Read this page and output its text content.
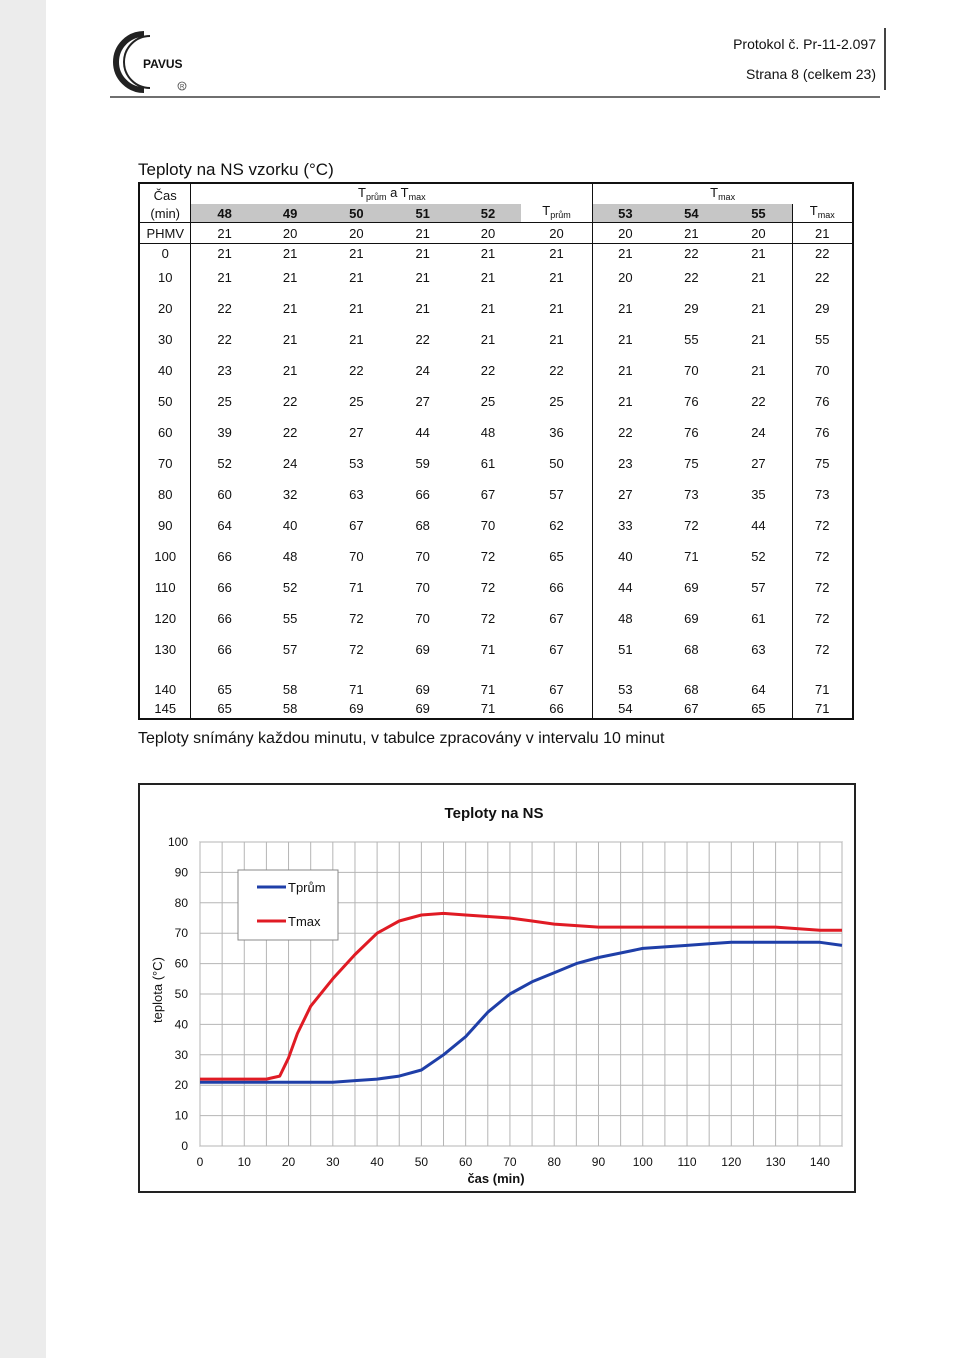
PAVUS
R
Protokol č. Pr-11-2.097
Strana 8 (celkem 23)
Teploty na NS vzorku (°C)
Čas	$T_{prům}$ a $T_{max}$						$T_{max}$
(min)	48	49	50	51	52	$T_{prům}$	53	54	55	$T_{max}$
PHMV	21	20	20	21	20	20	20	21	20	21
0	21	21	21	21	21	21	21	22	21	22
10	21	21	21	21	21	21	20	22	21	22
20	22	21	21	21	21	21	21	29	21	29
30	22	21	21	22	21	21	21	55	21	55
40	23	21	22	24	22	22	21	70	21	70
50	25	22	25	27	25	25	21	76	22	76
60	39	22	27	44	48	36	22	76	24	76
70	52	24	53	59	61	50	23	75	27	75
80	60	32	63	66	67	57	27	73	35	73
90	64	40	67	68	70	62	33	72	44	72
100	66	48	70	70	72	65	40	71	52	72
110	66	52	71	70	72	66	44	69	57	72
120	66	55	72	70	72	67	48	69	61	72
130	66	57	72	69	71	67	51	68	63	72
140	65	58	71	69	71	67	53	68	64	71
145	65	58	69	69	71	66	54	67	65	71
Teploty snímány každou minutu, v tabulce zpracovány v intervalu 10 minut
Teploty na NS
0
10
20
30
40
50
60
70
80
90
100
0	10	20	30	40	50	60	70	80	90 100 110 120 130 140
čas (min)
teplota (°C)
Tprům
Tmax
